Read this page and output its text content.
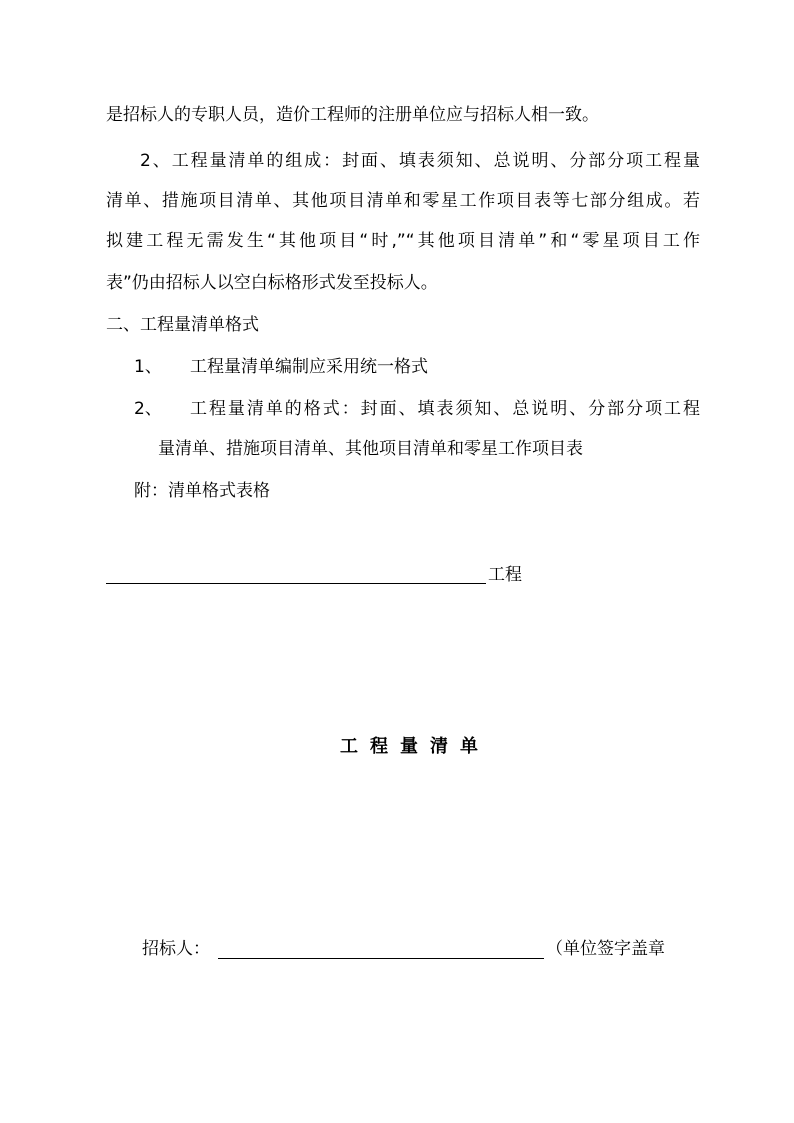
是招标人的专职人员，造价工程师的注册单位应与招标人相一致。
2、工程量清单的组成：封面、填表须知、总说明、分部分项工程量
清单、措施项目清单、其他项目清单和零星工作项目表等七部分组成。若
拟建工程无需发生“其他项目“时,”“其他项目清单”和“零星项目工作
表”仍由招标人以空白标格形式发至投标人。
二、工程量清单格式
1、 工程量清单编制应采用统一格式
2、 工程量清单的格式：封面、填表须知、总说明、分部分项工程
量清单、措施项目清单、其他项目清单和零星工作项目表
附：清单格式表格
工程
工程量清单
招标人：	（单位签字盖章
